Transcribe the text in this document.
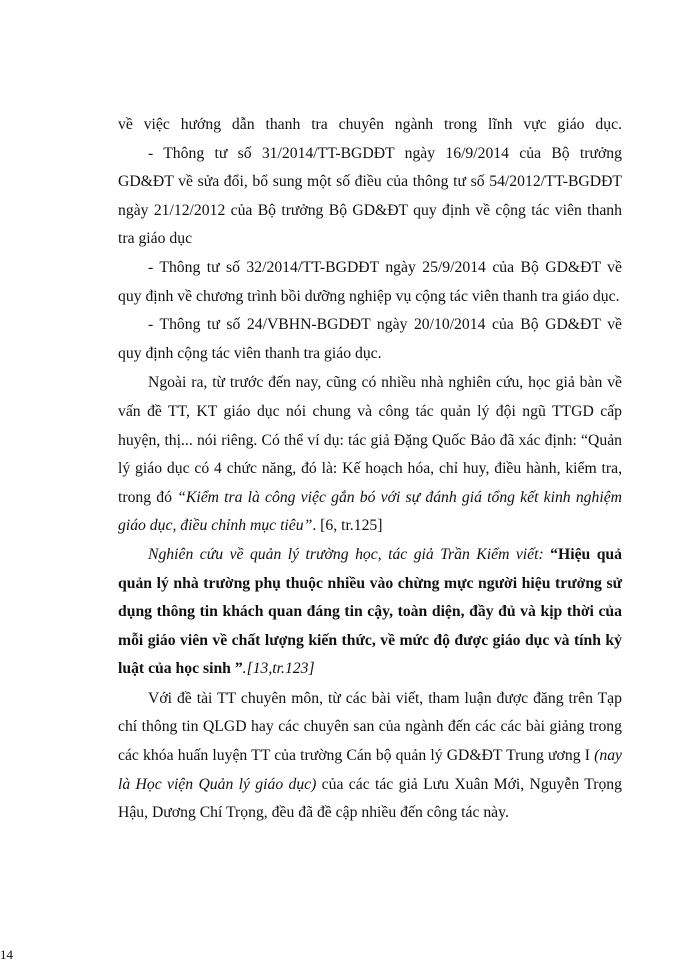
về việc hướng dẫn thanh tra chuyên ngành trong lĩnh vực giáo dục.

- Thông tư số 31/2014/TT-BGDĐT ngày 16/9/2014 của Bộ trưởng GD&ĐT về sửa đổi, bổ sung một số điều của thông tư số 54/2012/TT-BGDĐT ngày 21/12/2012 của Bộ trưởng Bộ GD&ĐT quy định về cộng tác viên thanh tra giáo dục

- Thông tư số 32/2014/TT-BGDĐT ngày 25/9/2014 của Bộ GD&ĐT về quy định về chương trình bồi dưỡng nghiệp vụ cộng tác viên thanh tra giáo dục.

- Thông tư số 24/VBHN-BGDĐT ngày 20/10/2014 của Bộ GD&ĐT về quy định cộng tác viên thanh tra giáo dục.

Ngoài ra, từ trước đến nay, cũng có nhiều nhà nghiên cứu, học giả bàn về vấn đề TT, KT giáo dục nói chung và công tác quản lý đội ngũ TTGD cấp huyện, thị... nói riêng. Có thể ví dụ: tác giả Đặng Quốc Bảo đã xác định: “Quản lý giáo dục có 4 chức năng, đó là: Kế hoạch hóa, chỉ huy, điều hành, kiểm tra, trong đó “Kiểm tra là công việc gắn bó với sự đánh giá tổng kết kinh nghiệm giáo dục, điều chỉnh mục tiêu”. [6, tr.125]

Nghiên cứu về quản lý trường học, tác giả Trần Kiểm viết: “Hiệu quả quản lý nhà trường phụ thuộc nhiều vào chừng mực người hiệu trưởng sử dụng thông tin khách quan đáng tin cậy, toàn diện, đầy đủ và kịp thời của mỗi giáo viên về chất lượng kiến thức, về mức độ được giáo dục và tính kỷ luật của học sinh ”.[13,tr.123]

Với đề tài TT chuyên môn, từ các bài viết, tham luận được đăng trên Tạp chí thông tin QLGD hay các chuyên san của ngành đến các các bài giảng trong các khóa huấn luyện TT của trường Cán bộ quản lý GD&ĐT Trung ương I (nay là Học viện Quản lý giáo dục) của các tác giả Lưu Xuân Mới, Nguyễn Trọng Hậu, Dương Chí Trọng, đều đã đề cập nhiều đến công tác này.

14
